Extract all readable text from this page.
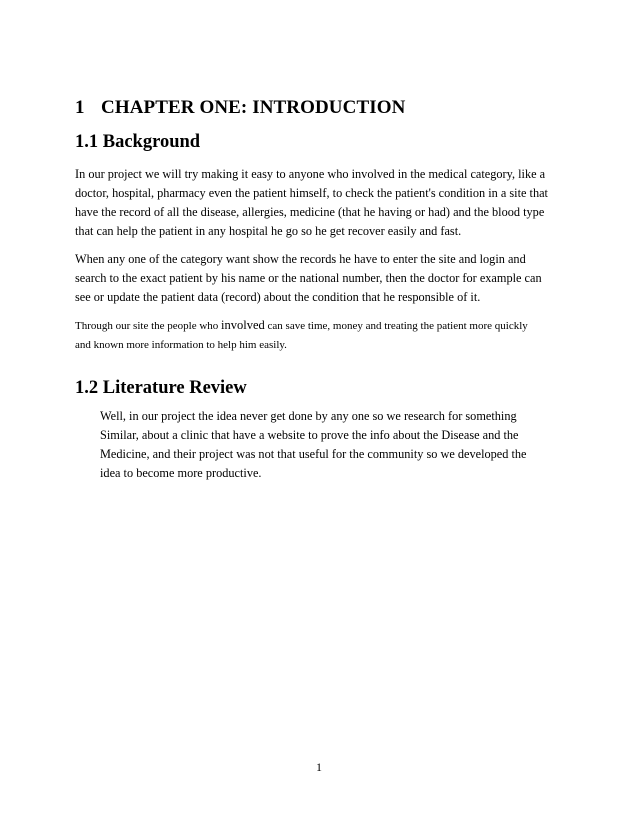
1 CHAPTER ONE: INTRODUCTION
1.1 Background

In our project we will try making it easy to anyone who involved in the medical category, like a
doctor, hospital, pharmacy even the patient himself, to check the patient's condition in a site that
have the record of all the disease, allergies, medicine (that he having or had) and the blood type
that can help the patient in any hospital he go so he get recover easily and fast.

When any one of the category want show the records he have to enter the site and login and
search to the exact patient by his name or the national number, then the doctor for example can
see or update the patient data (record) about the condition that he responsible of it.

Through our site the people who involved can save time, money and treating the patient more quickly
and known more information to help him easily.

1.2 Literature Review

Well, in our project the idea never get done by any one so we research for something
Similar, about a clinic that have a website to prove the info about the Disease and the
Medicine, and their project was not that useful for the community so we developed the
idea to become more productive.

1
